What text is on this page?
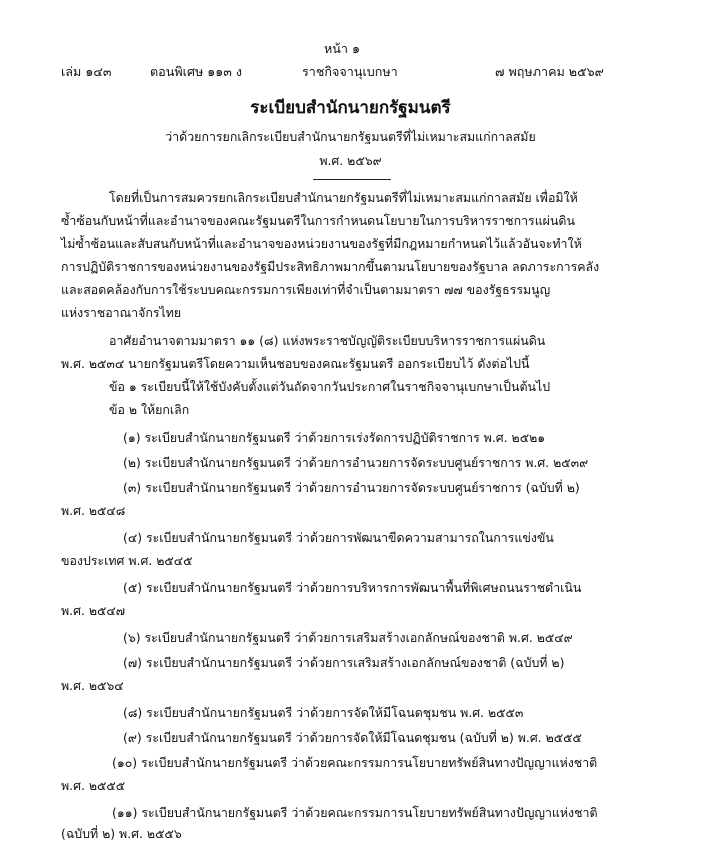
หน้า ๑
เล่ม ๑๔๓	ตอนพิเศษ ๑๑๓ ง	ราชกิจจานุเบกษา	๗ พฤษภาคม ๒๕๖๙
ระเบียบสำนักนายกรัฐมนตรี
ว่าด้วยการยกเลิกระเบียบสำนักนายกรัฐมนตรีที่ไม่เหมาะสมแก่กาลสมัย
พ.ศ. ๒๕๖๙
โดยที่เป็นการสมควรยกเลิกระเบียบสำนักนายกรัฐมนตรีที่ไม่เหมาะสมแก่กาลสมัย เพื่อมิให้
ซ้ำซ้อนกับหน้าที่และอำนาจของคณะรัฐมนตรีในการกำหนดนโยบายในการบริหารราชการแผ่นดิน
ไม่ซ้ำซ้อนและสับสนกับหน้าที่และอำนาจของหน่วยงานของรัฐที่มีกฎหมายกำหนดไว้แล้วอันจะทำให้
การปฏิบัติราชการของหน่วยงานของรัฐมีประสิทธิภาพมากขึ้นตามนโยบายของรัฐบาล ลดภาระการคลัง
และสอดคล้องกับการใช้ระบบคณะกรรมการเพียงเท่าที่จำเป็นตามมาตรา ๗๗ ของรัฐธรรมนูญ
แห่งราชอาณาจักรไทย
อาศัยอำนาจตามมาตรา ๑๑ (๘) แห่งพระราชบัญญัติระเบียบบริหารราชการแผ่นดิน
พ.ศ. ๒๕๓๔ นายกรัฐมนตรีโดยความเห็นชอบของคณะรัฐมนตรี ออกระเบียบไว้ ดังต่อไปนี้
ข้อ ๑ ระเบียบนี้ให้ใช้บังคับตั้งแต่วันถัดจากวันประกาศในราชกิจจานุเบกษาเป็นต้นไป
ข้อ ๒ ให้ยกเลิก
(๑) ระเบียบสำนักนายกรัฐมนตรี ว่าด้วยการเร่งรัดการปฏิบัติราชการ พ.ศ. ๒๕๒๑
(๒) ระเบียบสำนักนายกรัฐมนตรี ว่าด้วยการอำนวยการจัดระบบศูนย์ราชการ พ.ศ. ๒๕๓๙
(๓) ระเบียบสำนักนายกรัฐมนตรี ว่าด้วยการอำนวยการจัดระบบศูนย์ราชการ (ฉบับที่ ๒)
พ.ศ. ๒๕๔๘
(๔) ระเบียบสำนักนายกรัฐมนตรี ว่าด้วยการพัฒนาขีดความสามารถในการแข่งขัน
ของประเทศ พ.ศ. ๒๕๔๕
(๕) ระเบียบสำนักนายกรัฐมนตรี ว่าด้วยการบริหารการพัฒนาพื้นที่พิเศษถนนราชดำเนิน
พ.ศ. ๒๕๔๗
(๖) ระเบียบสำนักนายกรัฐมนตรี ว่าด้วยการเสริมสร้างเอกลักษณ์ของชาติ พ.ศ. ๒๕๔๙
(๗) ระเบียบสำนักนายกรัฐมนตรี ว่าด้วยการเสริมสร้างเอกลักษณ์ของชาติ (ฉบับที่ ๒)
พ.ศ. ๒๕๖๔
(๘) ระเบียบสำนักนายกรัฐมนตรี ว่าด้วยการจัดให้มีโฉนดชุมชน พ.ศ. ๒๕๕๓
(๙) ระเบียบสำนักนายกรัฐมนตรี ว่าด้วยการจัดให้มีโฉนดชุมชน (ฉบับที่ ๒) พ.ศ. ๒๕๕๕
(๑๐) ระเบียบสำนักนายกรัฐมนตรี ว่าด้วยคณะกรรมการนโยบายทรัพย์สินทางปัญญาแห่งชาติ
พ.ศ. ๒๕๕๕
(๑๑) ระเบียบสำนักนายกรัฐมนตรี ว่าด้วยคณะกรรมการนโยบายทรัพย์สินทางปัญญาแห่งชาติ
(ฉบับที่ ๒) พ.ศ. ๒๕๕๖
